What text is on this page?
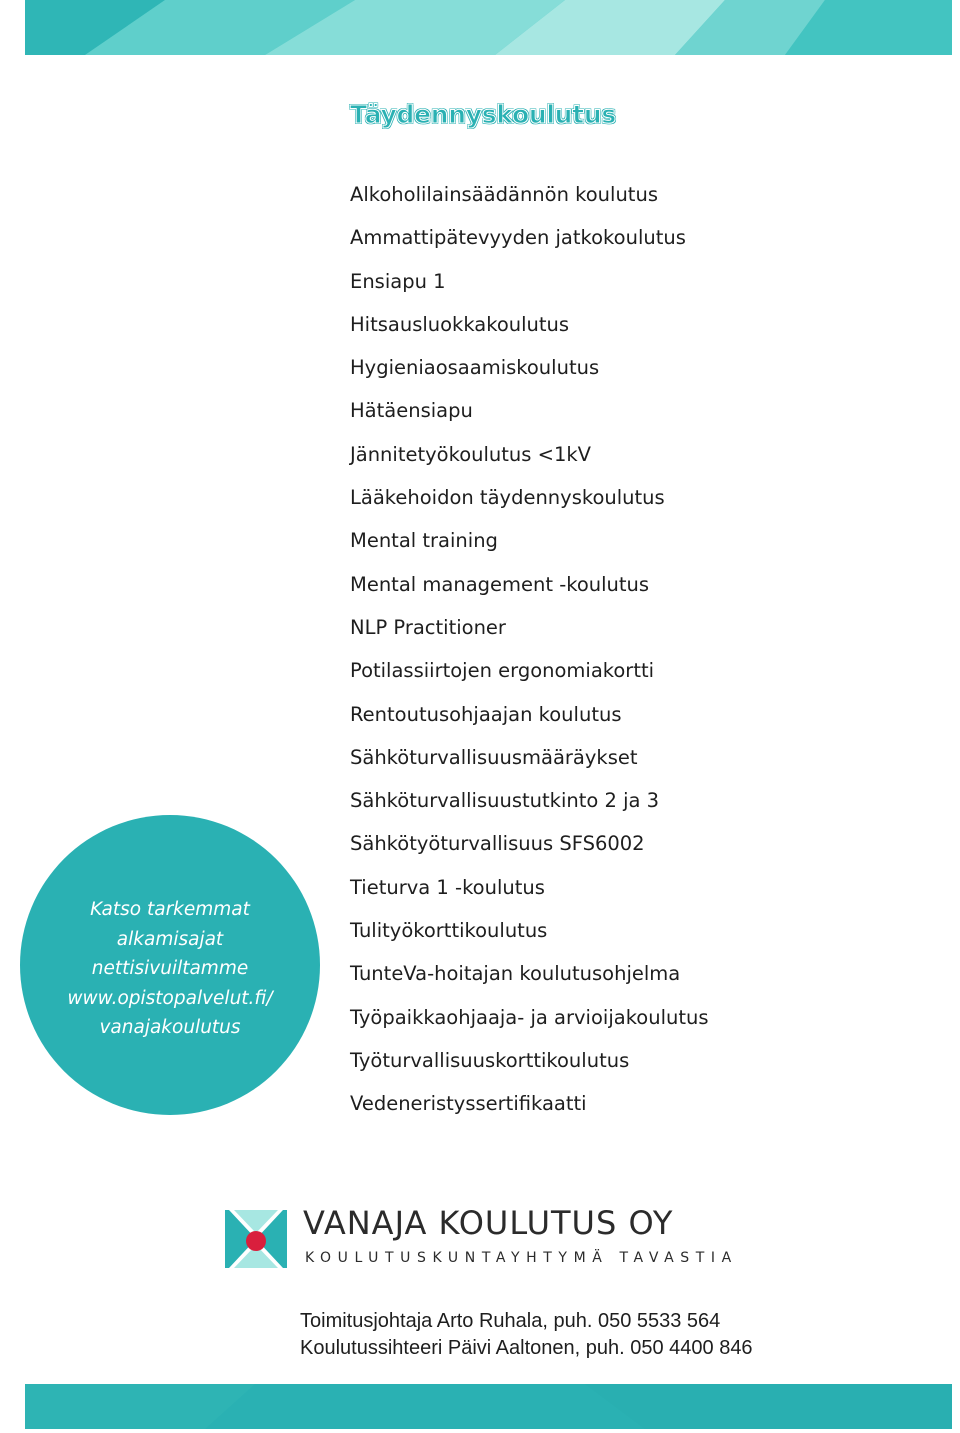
Täydennyskoulutus
Alkoholilainsäädännön koulutus
Ammattipätevyyden jatkokoulutus
Ensiapu 1
Hitsausluokkakoulutus
Hygieniaosaamiskoulutus
Hätäensiapu
Jännitetyökoulutus <1kV
Lääkehoidon täydennyskoulutus
Mental training
Mental management -koulutus
NLP Practitioner
Potilassiirtojen ergonomiakortti
Rentoutusohjaajan koulutus
Sähköturvallisuusmääräykset
Sähköturvallisuustutkinto 2 ja 3
Sähkötyöturvallisuus SFS6002
Tieturva 1 -koulutus
Tulityökorttikoulutus
TunteVa-hoitajan koulutusohjelma
Työpaikkaohjaaja- ja arvioijakoulutus
Työturvallisuuskorttikoulutus
Vedeneristyssertifikaatti
Katso tarkemmat
alkamisajat
nettisivuiltamme
www.opistopalvelut.fi/
vanajakoulutus
VANAJA KOULUTUS OY
KOULUTUSKUNTAYHTYMÄ TAVASTIA
Toimitusjohtaja Arto Ruhala, puh. 050 5533 564
Koulutussihteeri Päivi Aaltonen, puh. 050 4400 846
